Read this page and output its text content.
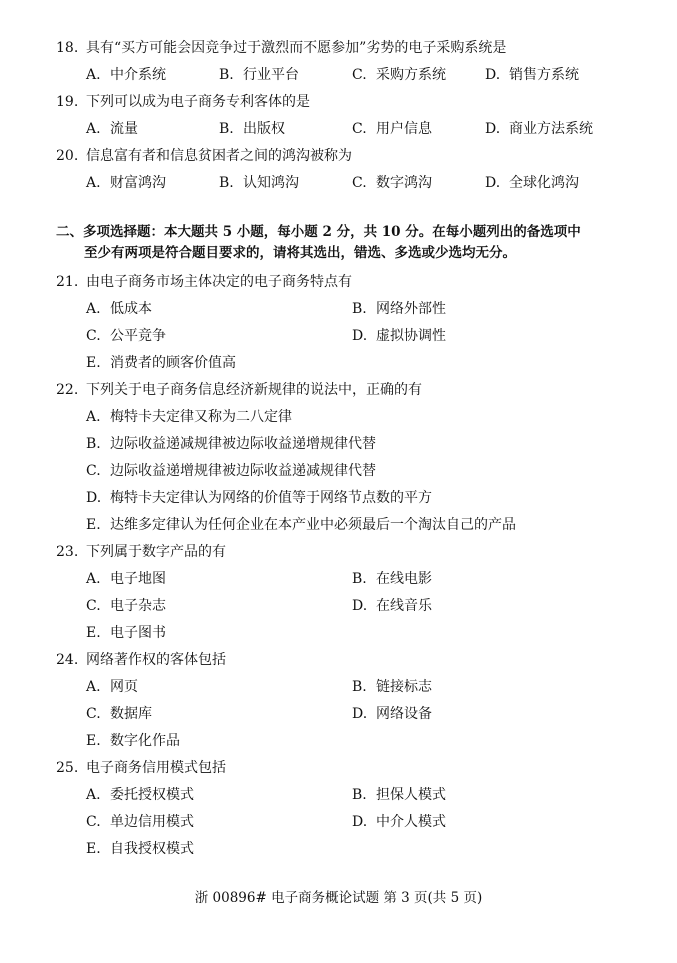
18. 具有“买方可能会因竞争过于激烈而不愿参加”劣势的电子采购系统是
A. 中介系统	B. 行业平台	C. 采购方系统	D. 销售方系统
19. 下列可以成为电子商务专利客体的是
A. 流量	B. 出版权	C. 用户信息	D. 商业方法系统
20. 信息富有者和信息贫困者之间的鸿沟被称为
A. 财富鸿沟	B. 认知鸿沟	C. 数字鸿沟	D. 全球化鸿沟
二、多项选择题：本大题共 5 小题，每小题 2 分，共 10 分。在每小题列出的备选项中
至少有两项是符合题目要求的，请将其选出，错选、多选或少选均无分。
21. 由电子商务市场主体决定的电子商务特点有
A. 低成本	B. 网络外部性
C. 公平竞争	D. 虚拟协调性
E. 消费者的顾客价值高
22. 下列关于电子商务信息经济新规律的说法中，正确的有
A. 梅特卡夫定律又称为二八定律
B. 边际收益递减规律被边际收益递增规律代替
C. 边际收益递增规律被边际收益递减规律代替
D. 梅特卡夫定律认为网络的价值等于网络节点数的平方
E. 达维多定律认为任何企业在本产业中必须最后一个淘汰自己的产品
23. 下列属于数字产品的有
A. 电子地图	B. 在线电影
C. 电子杂志	D. 在线音乐
E. 电子图书
24. 网络著作权的客体包括
A. 网页	B. 链接标志
C. 数据库	D. 网络设备
E. 数字化作品
25. 电子商务信用模式包括
A. 委托授权模式	B. 担保人模式
C. 单边信用模式	D. 中介人模式
E. 自我授权模式
浙 00896# 电子商务概论试题 第 3 页(共 5 页)
